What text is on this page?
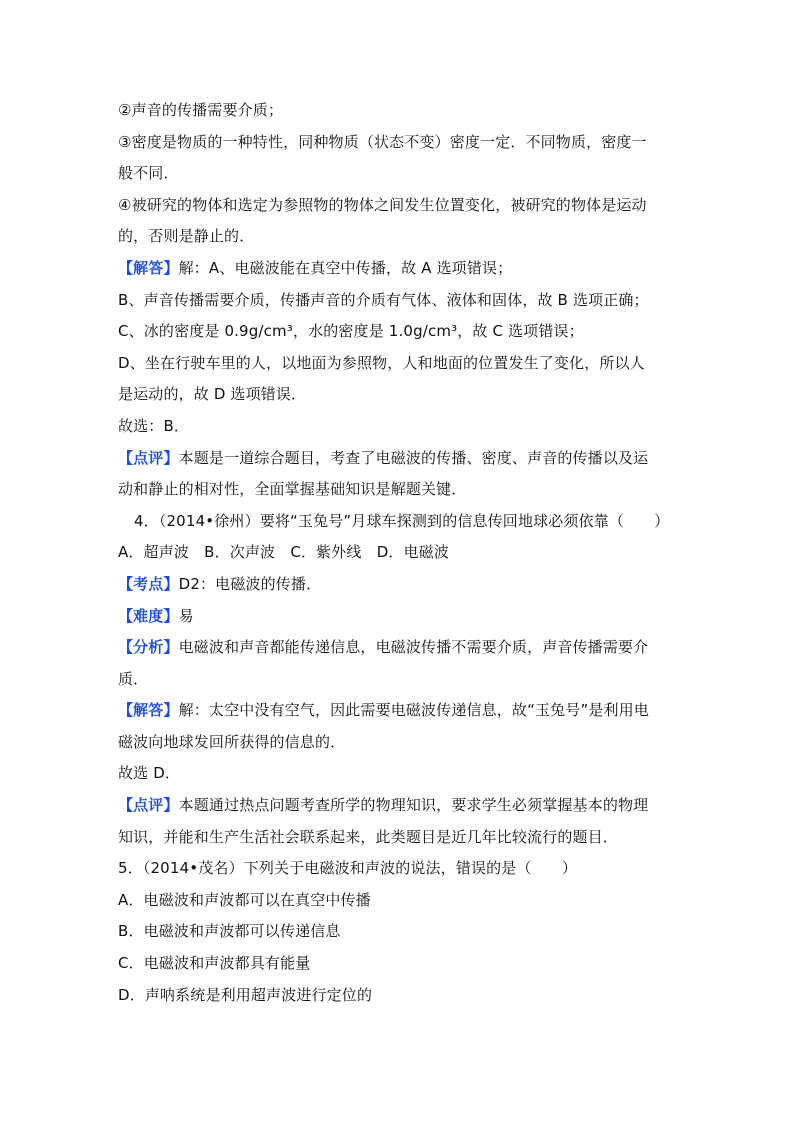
②声音的传播需要介质；
③密度是物质的一种特性，同种物质（状态不变）密度一定．不同物质，密度一
般不同．
④被研究的物体和选定为参照物的物体之间发生位置变化，被研究的物体是运动
的，否则是静止的．
【解答】解：A、电磁波能在真空中传播，故 A 选项错误；
B、声音传播需要介质，传播声音的介质有气体、液体和固体，故 B 选项正确；
C、冰的密度是 0.9g/cm³，水的密度是 1.0g/cm³，故 C 选项错误；
D、坐在行驶车里的人，以地面为参照物，人和地面的位置发生了变化，所以人
是运动的，故 D 选项错误．
故选：B．
【点评】本题是一道综合题目，考查了电磁波的传播、密度、声音的传播以及运
动和静止的相对性，全面掌握基础知识是解题关键．
4．（2014•徐州）要将“玉兔号”月球车探测到的信息传回地球必须依靠（　　）
A．超声波　B．次声波　C．紫外线　D．电磁波
【考点】D2：电磁波的传播．
【难度】易
【分析】电磁波和声音都能传递信息，电磁波传播不需要介质，声音传播需要介
质．
【解答】解：太空中没有空气，因此需要电磁波传递信息，故“玉兔号”是利用电
磁波向地球发回所获得的信息的．
故选 D．
【点评】本题通过热点问题考查所学的物理知识，要求学生必须掌握基本的物理
知识，并能和生产生活社会联系起来，此类题目是近几年比较流行的题目．
5．（2014•茂名）下列关于电磁波和声波的说法，错误的是（　　）
A．电磁波和声波都可以在真空中传播
B．电磁波和声波都可以传递信息
C．电磁波和声波都具有能量
D．声呐系统是利用超声波进行定位的
